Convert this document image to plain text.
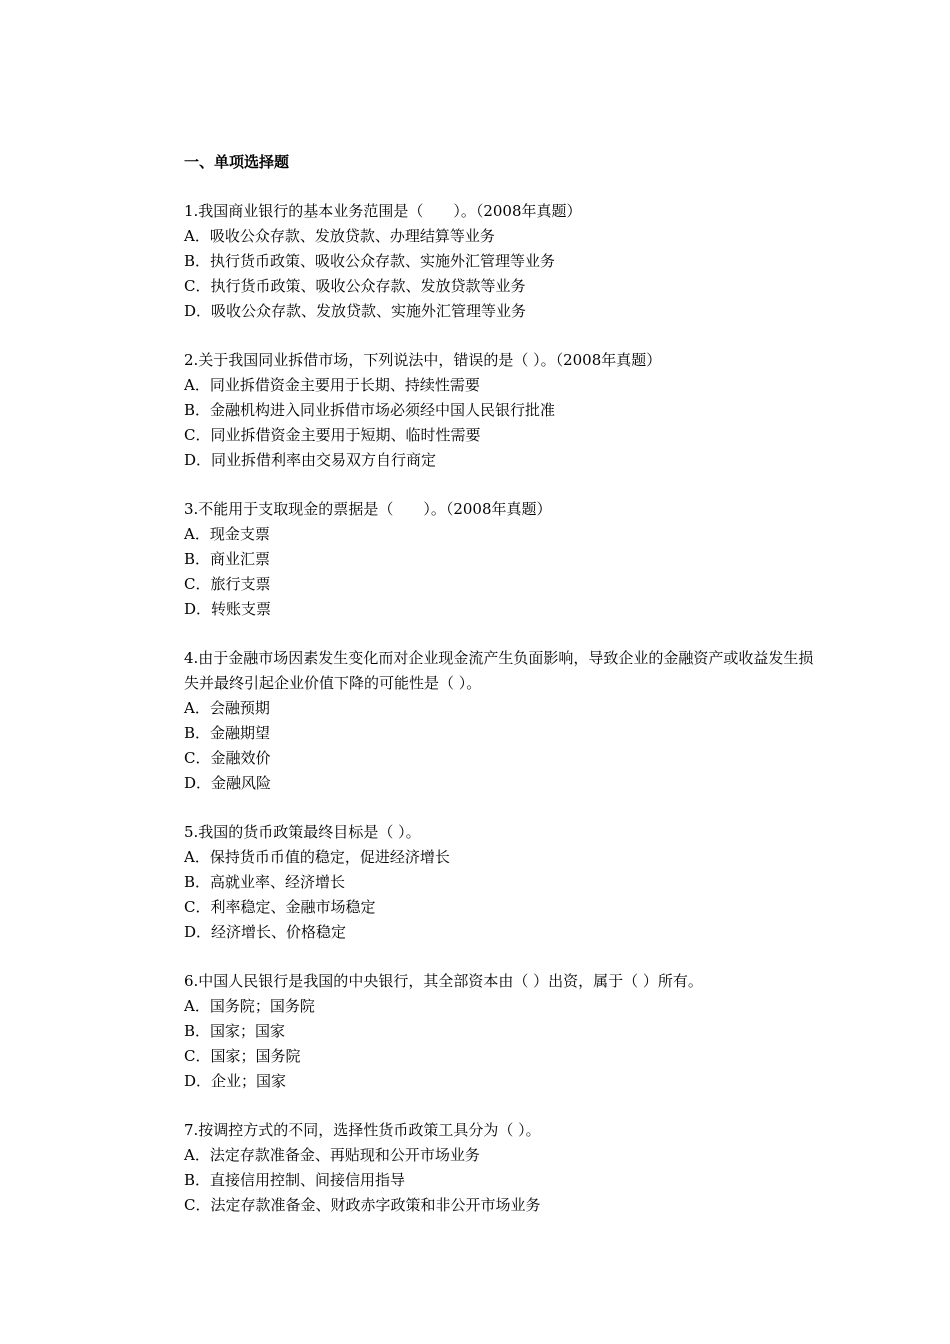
一、单项选择题
1.我国商业银行的基本业务范围是（　　）。（2008年真题）
A．吸收公众存款、发放贷款、办理结算等业务
B．执行货币政策、吸收公众存款、实施外汇管理等业务
C．执行货币政策、吸收公众存款、发放贷款等业务
D．吸收公众存款、发放贷款、实施外汇管理等业务
2.关于我国同业拆借市场，下列说法中，错误的是（ ）。（2008年真题）
A．同业拆借资金主要用于长期、持续性需要
B．金融机构进入同业拆借市场必须经中国人民银行批准
C．同业拆借资金主要用于短期、临时性需要
D．同业拆借利率由交易双方自行商定
3.不能用于支取现金的票据是（　　）。（2008年真题）
A．现金支票
B．商业汇票
C．旅行支票
D．转账支票
4.由于金融市场因素发生变化而对企业现金流产生负面影响，导致企业的金融资产或收益发生损失并最终引起企业价值下降的可能性是（ ）。
A．会融预期
B．金融期望
C．金融效价
D．金融风险
5.我国的货币政策最终目标是（ ）。
A．保持货币币值的稳定，促进经济增长
B．高就业率、经济增长
C．利率稳定、金融市场稳定
D．经济增长、价格稳定
6.中国人民银行是我国的中央银行，其全部资本由（ ）出资，属于（ ）所有。
A．国务院；国务院
B．国家；国家
C．国家；国务院
D．企业；国家
7.按调控方式的不同，选择性货币政策工具分为（ ）。
A．法定存款准备金、再贴现和公开市场业务
B．直接信用控制、间接信用指导
C．法定存款准备金、财政赤字政策和非公开市场业务
